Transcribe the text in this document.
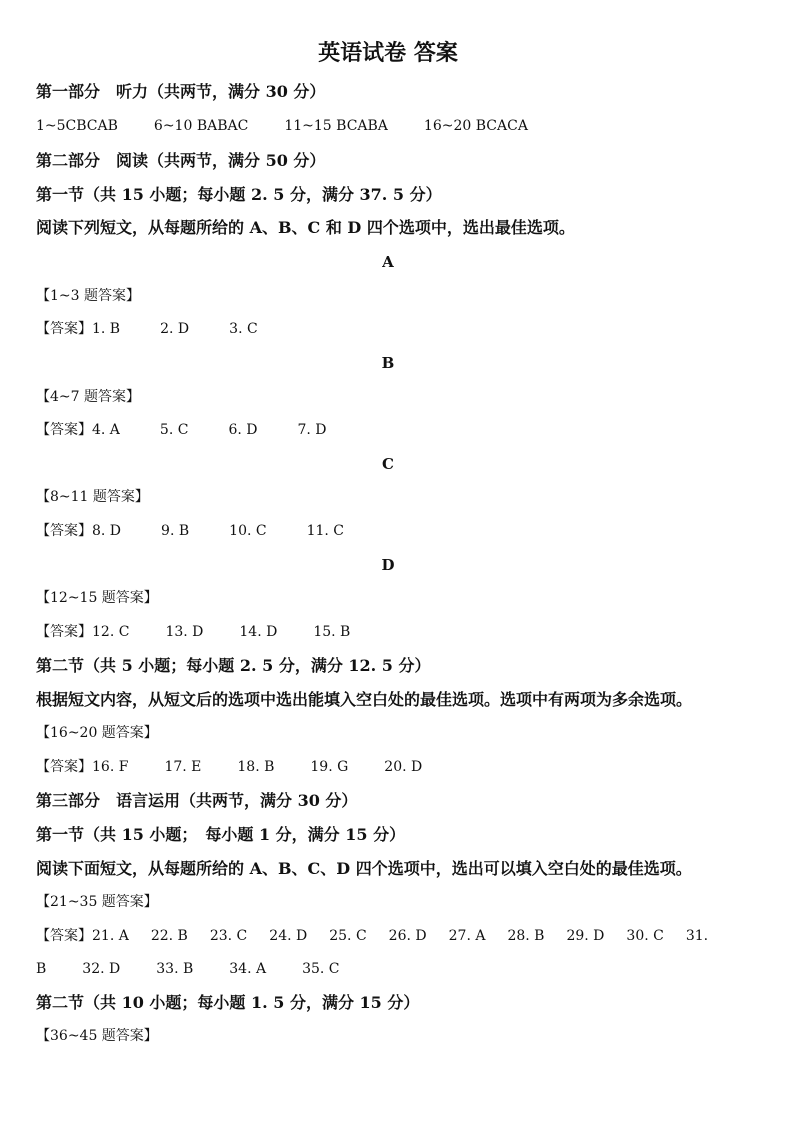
英语试卷 答案
第一部分　听力（共两节，满分 30 分）
1~5CBCAB	6~10 BABAC	11~15 BCABA	16~20 BCACA
第二部分　阅读（共两节，满分 50 分）
第一节（共 15 小题；每小题 2. 5 分，满分 37. 5 分）
阅读下列短文，从每题所给的 A、B、C 和 D 四个选项中，选出最佳选项。
A
【1~3 题答案】
【答案】1. B	2. D	3. C
B
【4~7 题答案】
【答案】4. A	5. C	6. D	7. D
C
【8~11 题答案】
【答案】8. D	9. B	10. C	11. C
D
【12~15 题答案】
【答案】12. C	13. D	14. D	15. B
第二节（共 5 小题；每小题 2. 5 分，满分 12. 5 分）
根据短文内容，从短文后的选项中选出能填入空白处的最佳选项。选项中有两项为多余选项。
【16~20 题答案】
【答案】16. F	17. E	18. B	19. G	20. D
第三部分　语言运用（共两节，满分 30 分）
第一节（共 15 小题；　每小题 1 分，满分 15 分）
阅读下面短文，从每题所给的 A、B、C、D 四个选项中，选出可以填入空白处的最佳选项。
【21~35 题答案】
【答案】21. A 22. B 23. C 24. D 25. C 26. D 27. A 28. B 29. D 30. C 31.
B	32. D	33. B	34. A	35. C
第二节（共 10 小题；每小题 1. 5 分，满分 15 分）
【36~45 题答案】
